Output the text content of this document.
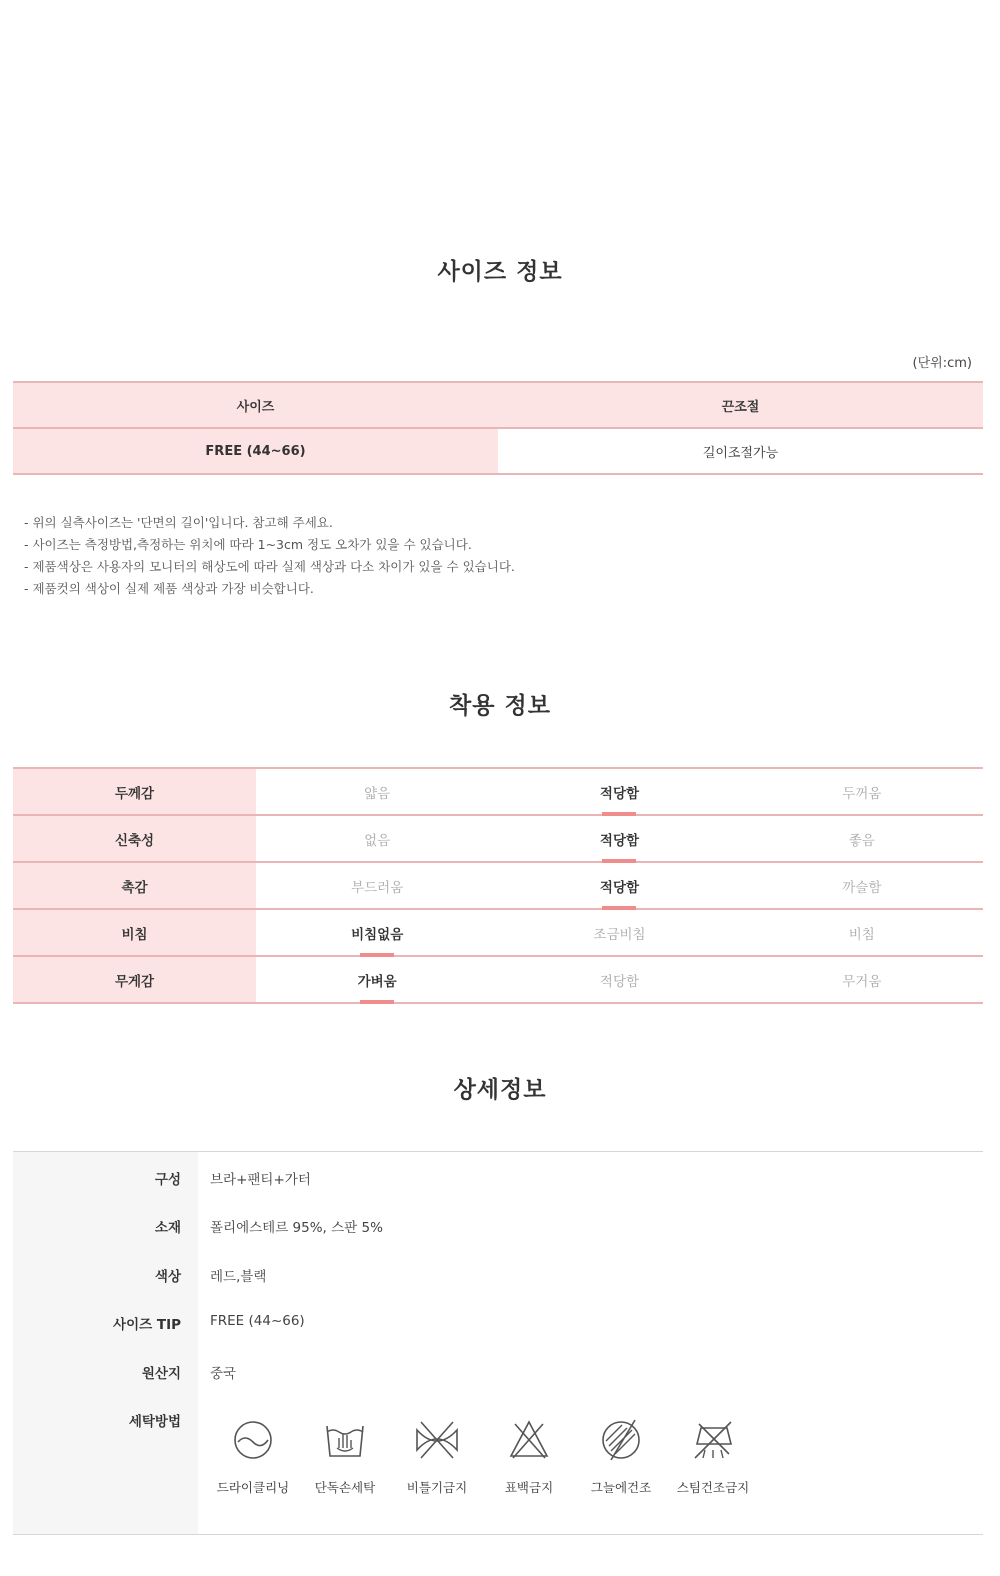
사이즈 정보
(단위:cm)
사이즈	끈조절
FREE (44~66)	길이조절가능
- 위의 실측사이즈는 '단면의 길이'입니다. 참고해 주세요.
- 사이즈는 측정방법,측정하는 위치에 따라 1~3cm 정도 오차가 있을 수 있습니다.
- 제품색상은 사용자의 모니터의 해상도에 따라 실제 색상과 다소 차이가 있을 수 있습니다.
- 제품컷의 색상이 실제 제품 색상과 가장 비슷합니다.
착용 정보
두께감	얇음	적당함	두꺼움
신축성	없음	적당함	좋음
촉감	부드러움	적당함	까슬함
비침	비침없음	조금비침	비침
무게감	가벼움	적당함	무거움
상세정보
구성 브라+팬티+가터
소재 폴리에스테르 95%, 스판 5%
색상 레드,블랙
사이즈 TIP FREE (44~66)
원산지 중국
세탁방법
드라이클리닝	단독손세탁	비틀기금지	표백금지	그늘에건조	스팀건조금지
